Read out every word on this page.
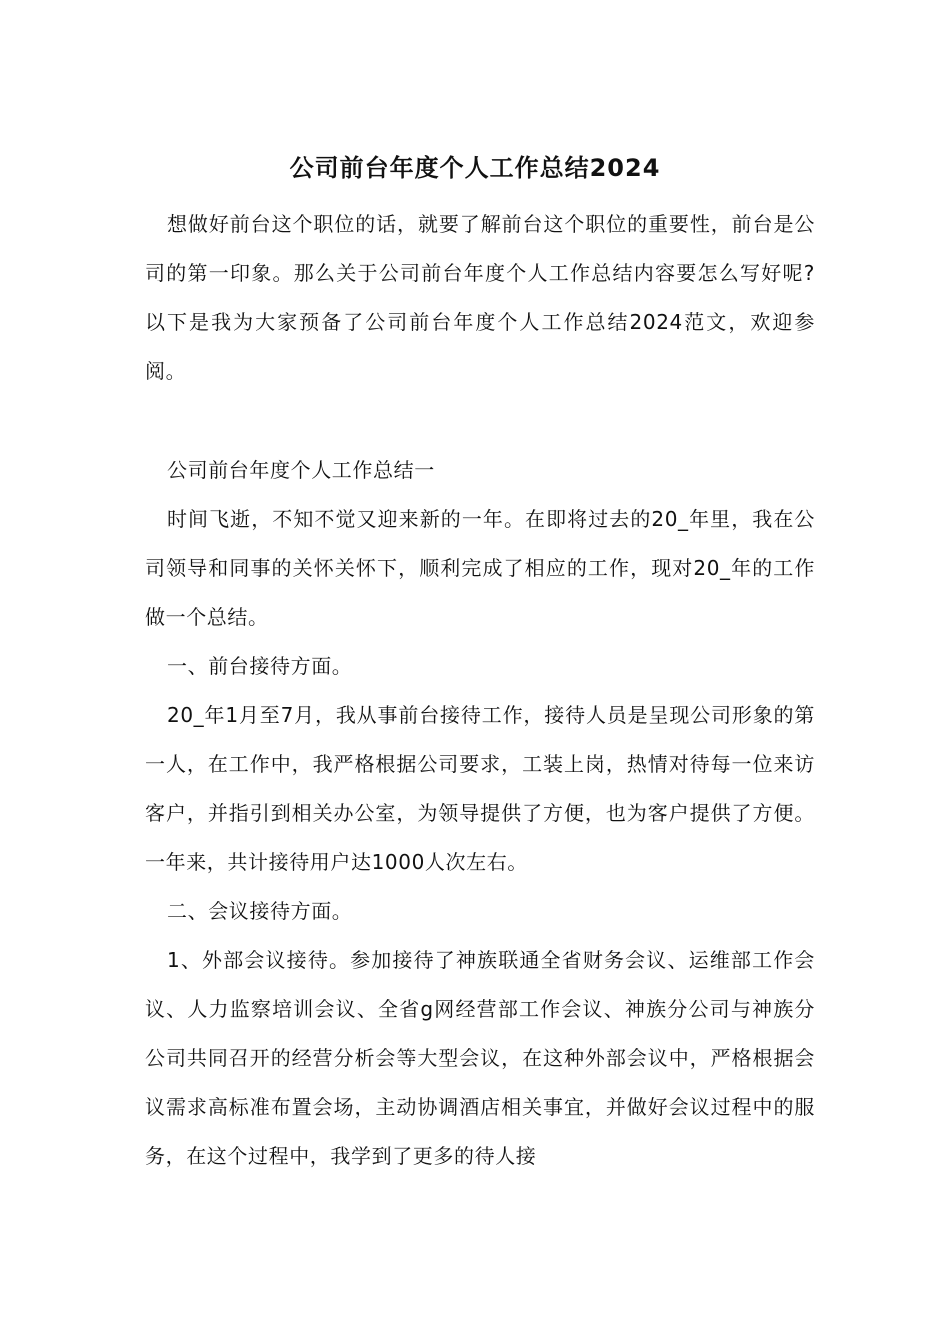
公司前台年度个人工作总结2024

想做好前台这个职位的话，就要了解前台这个职位的重要性，前台是公司的第一印象。那么关于公司前台年度个人工作总结内容要怎么写好呢?以下是我为大家预备了公司前台年度个人工作总结2024范文，欢迎参阅。

公司前台年度个人工作总结一

时间飞逝，不知不觉又迎来新的一年。在即将过去的20_年里，我在公司领导和同事的关怀关怀下，顺利完成了相应的工作，现对20_年的工作做一个总结。

一、前台接待方面。

20_年1月至7月，我从事前台接待工作，接待人员是呈现公司形象的第一人，在工作中，我严格根据公司要求，工装上岗，热情对待每一位来访客户，并指引到相关办公室，为领导提供了方便，也为客户提供了方便。一年来，共计接待用户达1000人次左右。

二、会议接待方面。

1、外部会议接待。参加接待了神族联通全省财务会议、运维部工作会议、人力监察培训会议、全省g网经营部工作会议、神族分公司与神族分公司共同召开的经营分析会等大型会议，在这种外部会议中，严格根据会议需求高标准布置会场，主动协调酒店相关事宜，并做好会议过程中的服务，在这个过程中，我学到了更多的待人接
